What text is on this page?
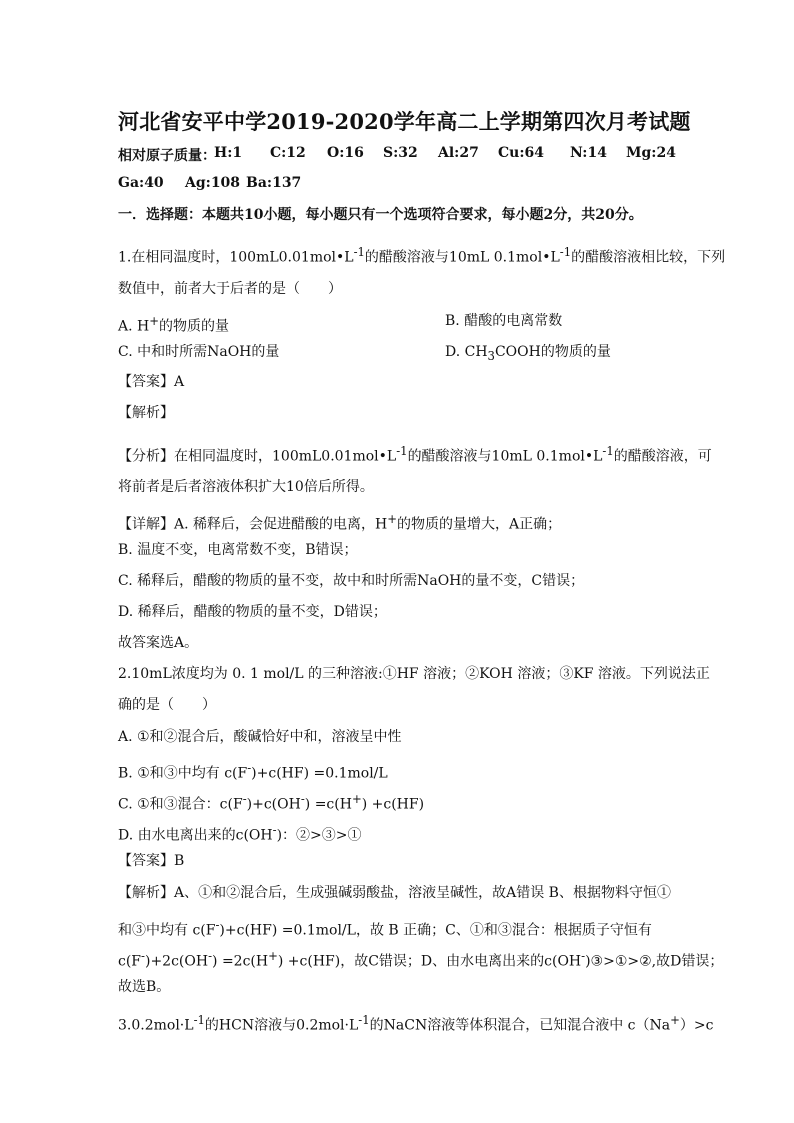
河北省安平中学2019-2020学年高二上学期第四次月考试题
相对原子质量：
H:1 C:12 O:16 S:32 Al:27 Cu:64 N:14 Mg:24
Ga:40 Ag:108 Ba:137
一．选择题：本题共10小题，每小题只有一个选项符合要求，每小题2分，共20分。
1.在相同温度时，$100mL0.01mol•L^{-1}$的醋酸溶液与10mL $0.1mol•L^{-1}$的醋酸溶液相比较，下列
数值中，前者大于后者的是（　　）
A. H+的物质的量	B. 醋酸的电离常数
C. 中和时所需NaOH的量	D. $CH_3COOH$的物质的量
【答案】A
【解析】
【分析】在相同温度时，$100mL0.01mol•L^{-1}$的醋酸溶液与10mL $0.1mol•L^{-1}$的醋酸溶液，可
将前者是后者溶液体积扩大10倍后所得。
【详解】A. 稀释后，会促进醋酸的电离，H+的物质的量增大，A正确；
B. 温度不变，电离常数不变，B错误；
C. 稀释后，醋酸的物质的量不变，故中和时所需NaOH的量不变，C错误；
D. 稀释后，醋酸的物质的量不变，D错误；
故答案选A。
2.10mL浓度均为 0. 1 mol/L 的三种溶液:①HF 溶液；②KOH 溶液；③KF 溶液。下列说法正
确的是（　　）
A. ①和②混合后，酸碱恰好中和，溶液呈中性
B. ①和③中均有 c(F-)+c(HF) =0.1mol/L
C. ①和③混合：c(F-)+c(OH-) =c(H+) +c(HF)
D. 由水电离出来的c(OH-)：②>③>①
【答案】B
【解析】A、①和②混合后，生成强碱弱酸盐，溶液呈碱性，故A错误 B、根据物料守恒①
和③中均有 c(F-)+c(HF) =0.1mol/L，故 B 正确；C、①和③混合：根据质子守恒有
c(F-)+2c(OH-) =2c(H+) +c(HF)，故C错误；D、由水电离出来的c(OH-)③>①>②,故D错误；
故选B。
$3.0.2mol\cdot L^{-1}$的HCN溶液与$0.2mol\cdot L^{-1}$的NaCN溶液等体积混合，已知混合液中 c（Na+）>c
